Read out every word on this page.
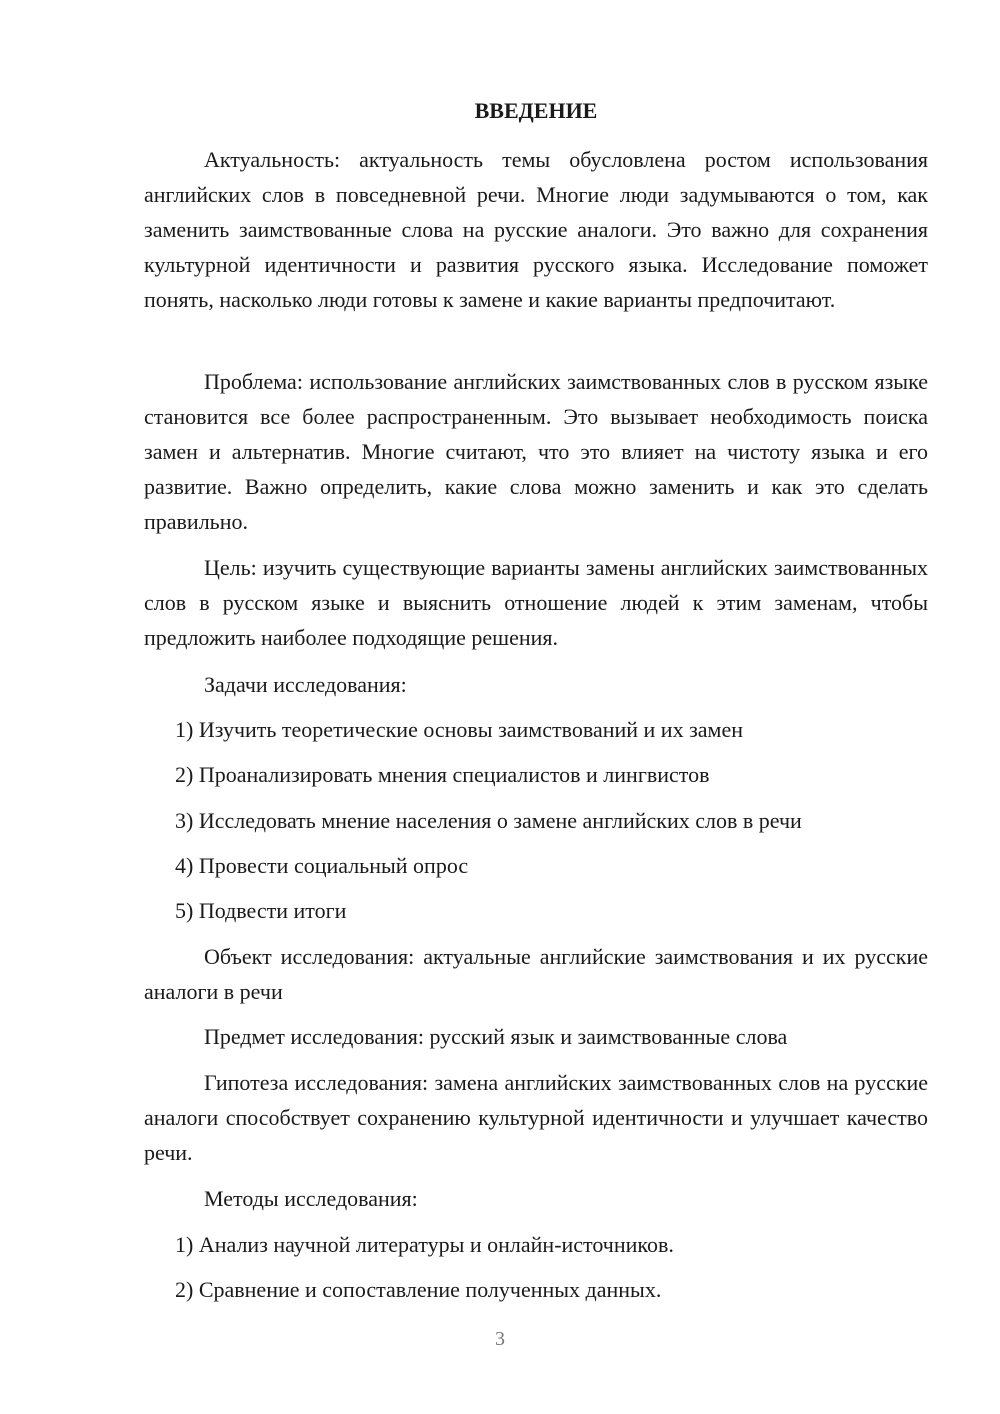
ВВЕДЕНИЕ
Актуальность: актуальность темы обусловлена ростом использования английских слов в повседневной речи. Многие люди задумываются о том, как заменить заимствованные слова на русские аналоги. Это важно для сохранения культурной идентичности и развития русского языка. Исследование поможет понять, насколько люди готовы к замене и какие варианты предпочитают.
Проблема: использование английских заимствованных слов в русском языке становится все более распространенным. Это вызывает необходимость поиска замен и альтернатив. Многие считают, что это влияет на чистоту языка и его развитие. Важно определить, какие слова можно заменить и как это сделать правильно.
Цель: изучить существующие варианты замены английских заимствованных слов в русском языке и выяснить отношение людей к этим заменам, чтобы предложить наиболее подходящие решения.
Задачи исследования:
1) Изучить теоретические основы заимствований и их замен
2) Проанализировать мнения специалистов и лингвистов
3) Исследовать мнение населения о замене английских слов в речи
4) Провести социальный опрос
5) Подвести итоги
Объект исследования: актуальные английские заимствования и их русские аналоги в речи
Предмет исследования: русский язык и заимствованные слова
Гипотеза исследования: замена английских заимствованных слов на русские аналоги способствует сохранению культурной идентичности и улучшает качество речи.
Методы исследования:
1) Анализ научной литературы и онлайн-источников.
2) Сравнение и сопоставление полученных данных.
3
